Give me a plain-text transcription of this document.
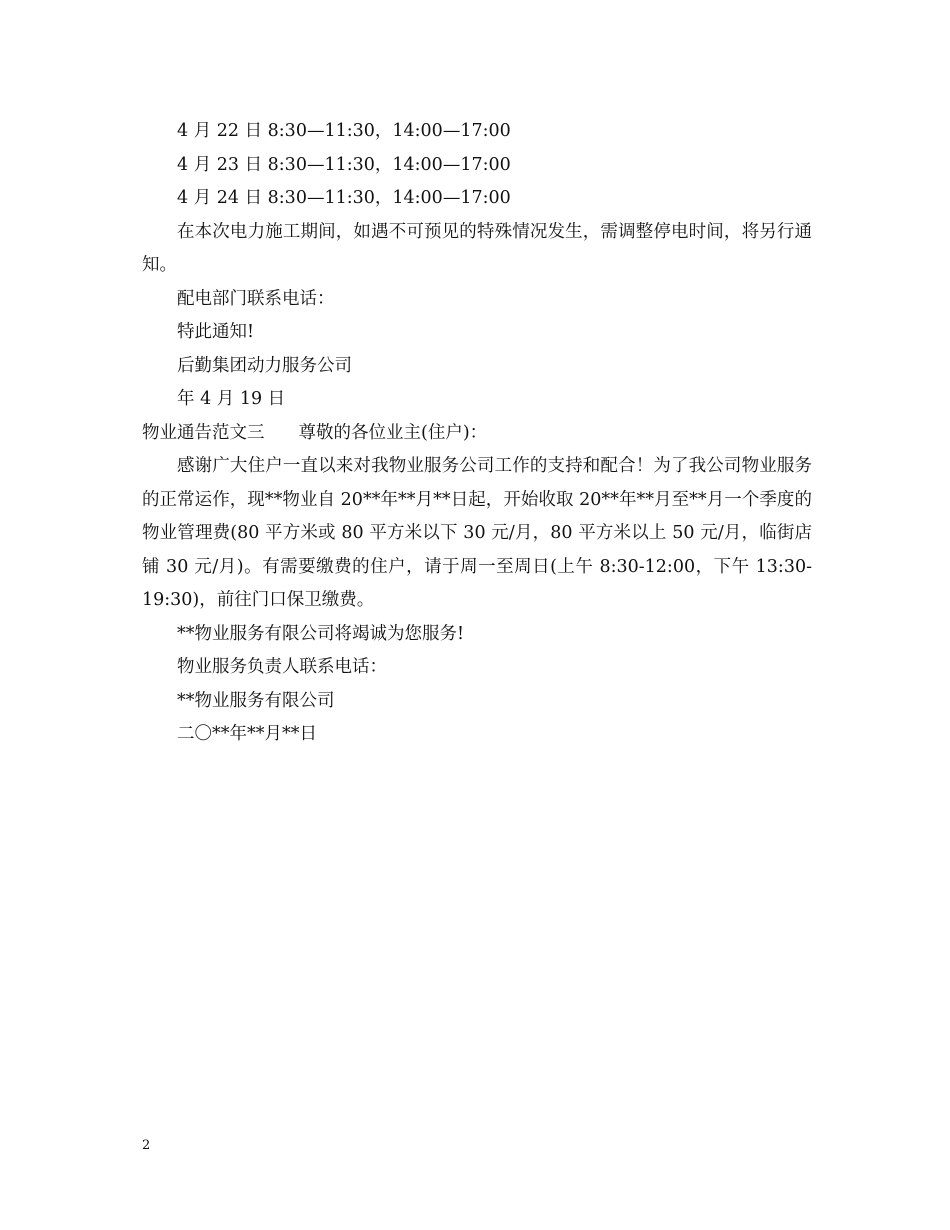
4 月 22 日 8:30—11:30，14:00—17:00
4 月 23 日 8:30—11:30，14:00—17:00
4 月 24 日 8:30—11:30，14:00—17:00
在本次电力施工期间，如遇不可预见的特殊情况发生，需调整停电时间，将另行通知。
配电部门联系电话：
特此通知!
后勤集团动力服务公司
年 4 月 19 日
物业通告范文三 尊敬的各位业主(住户)：
感谢广大住户一直以来对我物业服务公司工作的支持和配合！为了我公司物业服务的正常运作，现**物业自 20**年**月**日起，开始收取 20**年**月至**月一个季度的物业管理费(80 平方米或 80 平方米以下 30 元/月，80 平方米以上 50 元/月，临街店铺 30 元/月)。有需要缴费的住户，请于周一至周日(上午 8:30-12:00，下午 13:30-19:30)，前往门口保卫缴费。
**物业服务有限公司将竭诚为您服务!
物业服务负责人联系电话：
**物业服务有限公司
二〇**年**月**日
2
